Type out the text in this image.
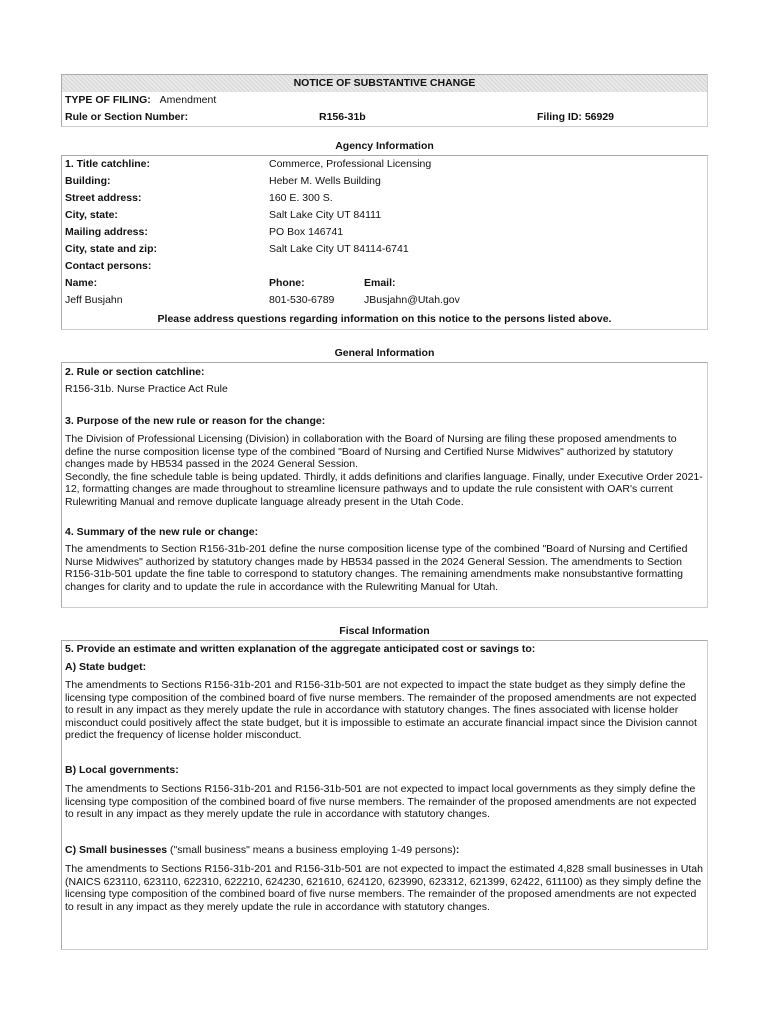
NOTICE OF SUBSTANTIVE CHANGE
TYPE OF FILING: Amendment
Rule or Section Number:	R156-31b	Filing ID: 56929
Agency Information
1. Title catchline:	Commerce, Professional Licensing
Building:	Heber M. Wells Building
Street address:	160 E. 300 S.
City, state:	Salt Lake City UT 84111
Mailing address:	PO Box 146741
City, state and zip:	Salt Lake City UT 84114-6741
Contact persons:
Name:	Phone:	Email:
Jeff Busjahn	801-530-6789	JBusjahn@Utah.gov
Please address questions regarding information on this notice to the persons listed above.
General Information
2. Rule or section catchline:
R156-31b. Nurse Practice Act Rule
3. Purpose of the new rule or reason for the change:

The Division of Professional Licensing (Division) in collaboration with the Board of Nursing are filing these proposed amendments to define the nurse composition license type of the combined "Board of Nursing and Certified Nurse Midwives" authorized by statutory changes made by HB534 passed in the 2024 General Session.

Secondly, the fine schedule table is being updated. Thirdly, it adds definitions and clarifies language. Finally, under Executive Order 2021-12, formatting changes are made throughout to streamline licensure pathways and to update the rule consistent with OAR's current Rulewriting Manual and remove duplicate language already present in the Utah Code.

4. Summary of the new rule or change:
The amendments to Section R156-31b-201 define the nurse composition license type of the combined "Board of Nursing and Certified Nurse Midwives" authorized by statutory changes made by HB534 passed in the 2024 General Session. The amendments to Section R156-31b-501 update the fine table to correspond to statutory changes. The remaining amendments make nonsubstantive formatting changes for clarity and to update the rule in accordance with the Rulewriting Manual for Utah.
Fiscal Information
5. Provide an estimate and written explanation of the aggregate anticipated cost or savings to:
A) State budget:
The amendments to Sections R156-31b-201 and R156-31b-501 are not expected to impact the state budget as they simply define the licensing type composition of the combined board of five nurse members. The remainder of the proposed amendments are not expected to result in any impact as they merely update the rule in accordance with statutory changes. The fines associated with license holder misconduct could positively affect the state budget, but it is impossible to estimate an accurate financial impact since the Division cannot predict the frequency of license holder misconduct.
B) Local governments:
The amendments to Sections R156-31b-201 and R156-31b-501 are not expected to impact local governments as they simply define the licensing type composition of the combined board of five nurse members. The remainder of the proposed amendments are not expected to result in any impact as they merely update the rule in accordance with statutory changes.
C) Small businesses ("small business" means a business employing 1-49 persons):
The amendments to Sections R156-31b-201 and R156-31b-501 are not expected to impact the estimated 4,828 small businesses in Utah (NAICS 623110, 623110, 622310, 622210, 624230, 621610, 624120, 623990, 623312, 621399, 62422, 611100) as they simply define the licensing type composition of the combined board of five nurse members. The remainder of the proposed amendments are not expected to result in any impact as they merely update the rule in accordance with statutory changes.
